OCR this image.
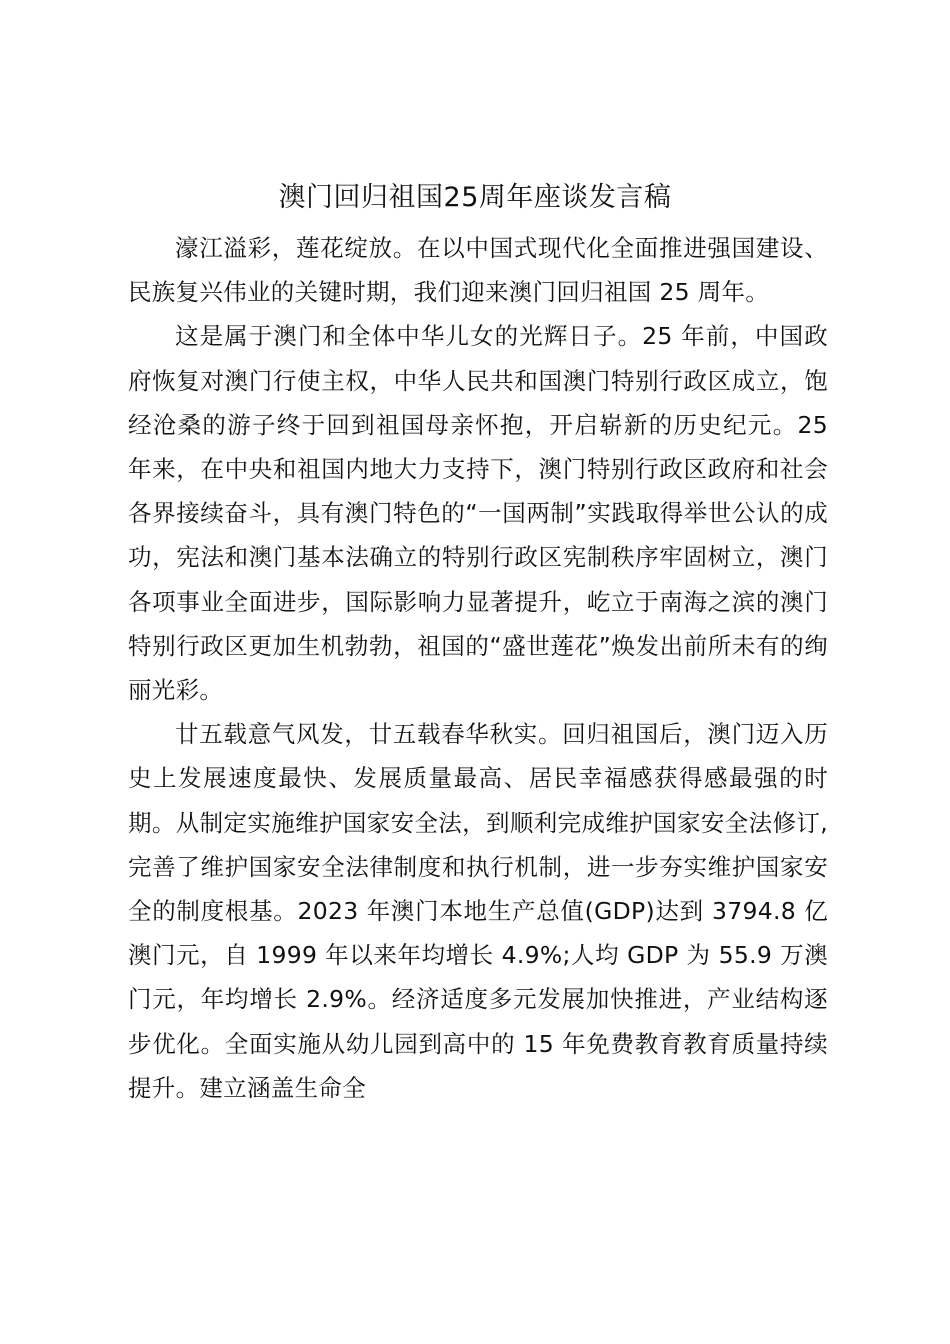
澳门回归祖国25周年座谈发言稿

濠江溢彩，莲花绽放。在以中国式现代化全面推进强国建设、民族复兴伟业的关键时期，我们迎来澳门回归祖国 25 周年。

这是属于澳门和全体中华儿女的光辉日子。25 年前，中国政府恢复对澳门行使主权，中华人民共和国澳门特别行政区成立，饱经沧桑的游子终于回到祖国母亲怀抱，开启崭新的历史纪元。25 年来，在中央和祖国内地大力支持下，澳门特别行政区政府和社会各界接续奋斗，具有澳门特色的“一国两制”实践取得举世公认的成功，宪法和澳门基本法确立的特别行政区宪制秩序牢固树立，澳门各项事业全面进步，国际影响力显著提升，屹立于南海之滨的澳门特别行政区更加生机勃勃，祖国的“盛世莲花”焕发出前所未有的绚丽光彩。

廿五载意气风发，廿五载春华秋实。回归祖国后，澳门迈入历史上发展速度最快、发展质量最高、居民幸福感获得感最强的时期。从制定实施维护国家安全法，到顺利完成维护国家安全法修订,完善了维护国家安全法律制度和执行机制，进一步夯实维护国家安全的制度根基。2023 年澳门本地生产总值(GDP)达到 3794.8 亿澳门元，自 1999 年以来年均增长 4.9%;人均 GDP 为 55.9 万澳门元，年均增长 2.9%。经济适度多元发展加快推进，产业结构逐步优化。全面实施从幼儿园到高中的 15 年免费教育教育质量持续提升。建立涵盖生命全
